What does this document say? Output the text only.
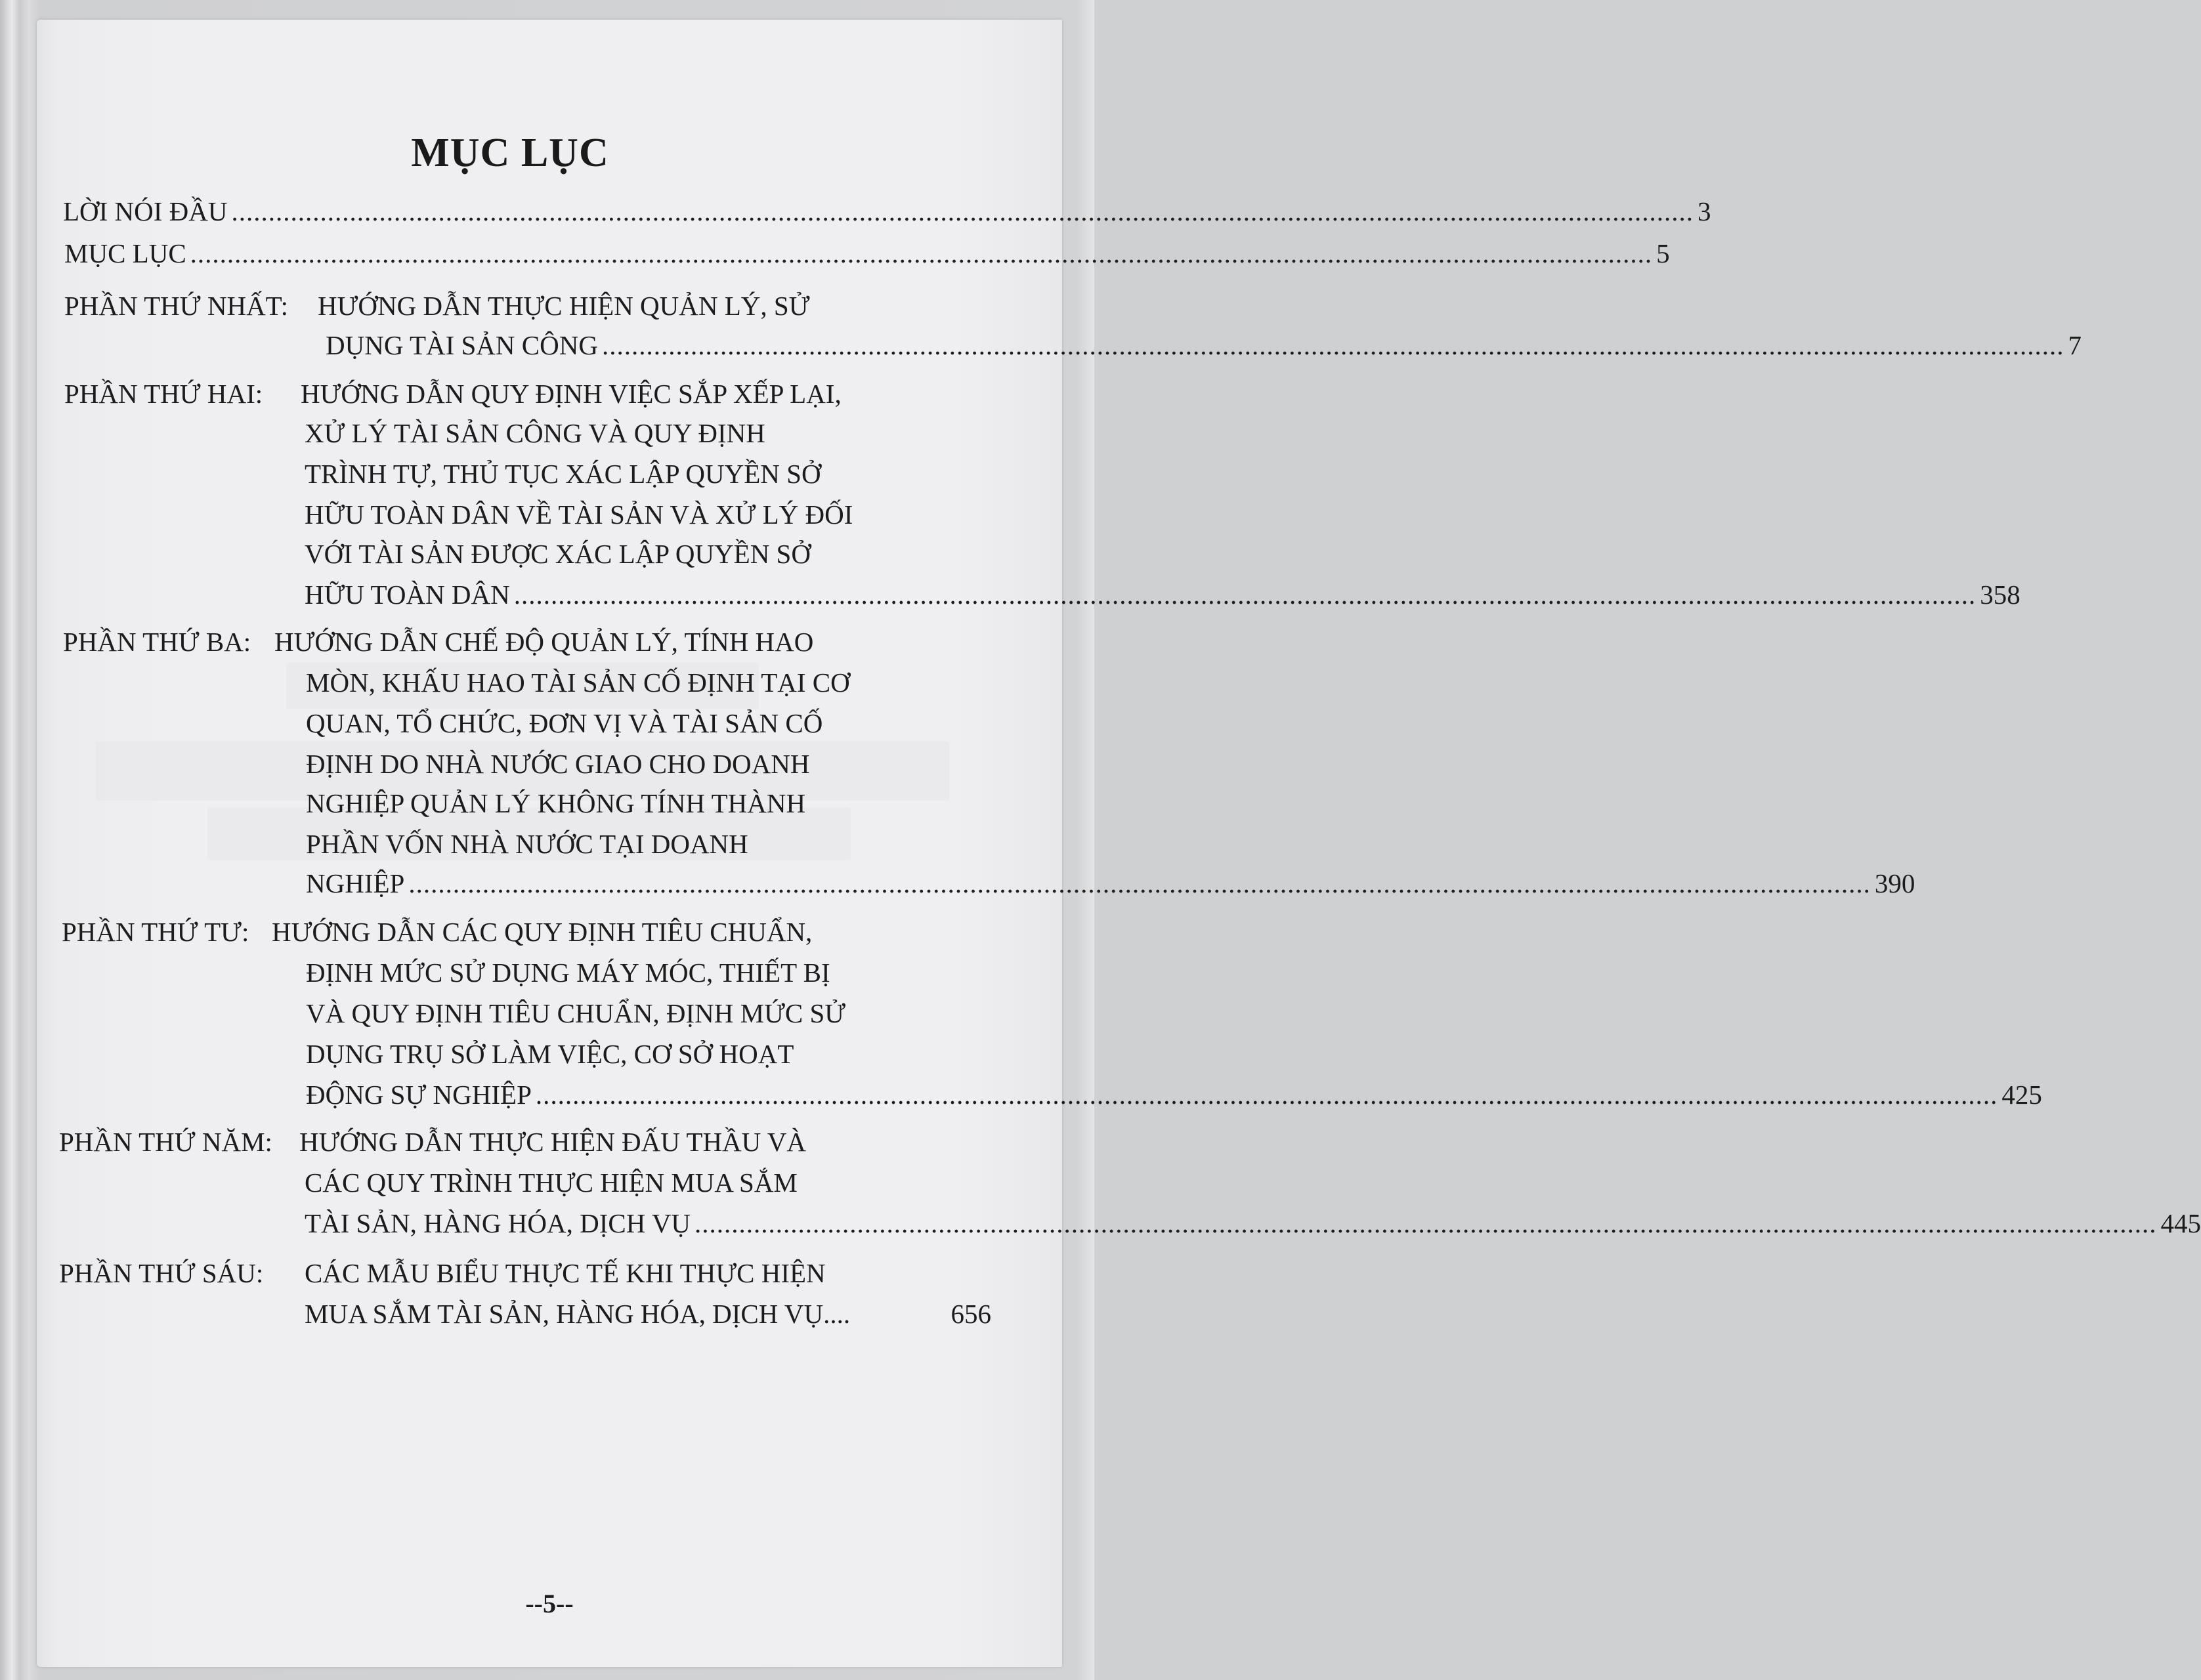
MỤC LỤC
LỜI NÓI ĐẦU ...................................................................................................................................................................................................... 3
MỤC LỤC ...................................................................................................................................................................................................... 5
PHẦN THỨ NHẤT: HƯỚNG DẪN THỰC HIỆN QUẢN LÝ, SỬ
DỤNG TÀI SẢN CÔNG ...................................................................................................................................................................................................... 7
PHẦN THỨ HAI: HƯỚNG DẪN QUY ĐỊNH VIỆC SẮP XẾP LẠI,
XỬ LÝ TÀI SẢN CÔNG VÀ QUY ĐỊNH
TRÌNH TỰ, THỦ TỤC XÁC LẬP QUYỀN SỞ
HỮU TOÀN DÂN VỀ TÀI SẢN VÀ XỬ LÝ ĐỐI
VỚI TÀI SẢN ĐƯỢC XÁC LẬP QUYỀN SỞ
HỮU TOÀN DÂN ...................................................................................................................................................................................................... 358
PHẦN THỨ BA: HƯỚNG DẪN CHẾ ĐỘ QUẢN LÝ, TÍNH HAO
MÒN, KHẤU HAO TÀI SẢN CỐ ĐỊNH TẠI CƠ
QUAN, TỔ CHỨC, ĐƠN VỊ VÀ TÀI SẢN CỐ
ĐỊNH DO NHÀ NƯỚC GIAO CHO DOANH
NGHIỆP QUẢN LÝ KHÔNG TÍNH THÀNH
PHẦN VỐN NHÀ NƯỚC TẠI DOANH
NGHIỆP ...................................................................................................................................................................................................... 390
PHẦN THỨ TƯ: HƯỚNG DẪN CÁC QUY ĐỊNH TIÊU CHUẨN,
ĐỊNH MỨC SỬ DỤNG MÁY MÓC, THIẾT BỊ
VÀ QUY ĐỊNH TIÊU CHUẨN, ĐỊNH MỨC SỬ
DỤNG TRỤ SỞ LÀM VIỆC, CƠ SỞ HOẠT
ĐỘNG SỰ NGHIỆP ...................................................................................................................................................................................................... 425
PHẦN THỨ NĂM: HƯỚNG DẪN THỰC HIỆN ĐẤU THẦU VÀ
CÁC QUY TRÌNH THỰC HIỆN MUA SẮM
TÀI SẢN, HÀNG HÓA, DỊCH VỤ ...................................................................................................................................................................................................... 445
PHẦN THỨ SÁU: CÁC MẪU BIỂU THỰC TẾ KHI THỰC HIỆN
MUA SẮM TÀI SẢN, HÀNG HÓA, DỊCH VỤ....	656
--5--
